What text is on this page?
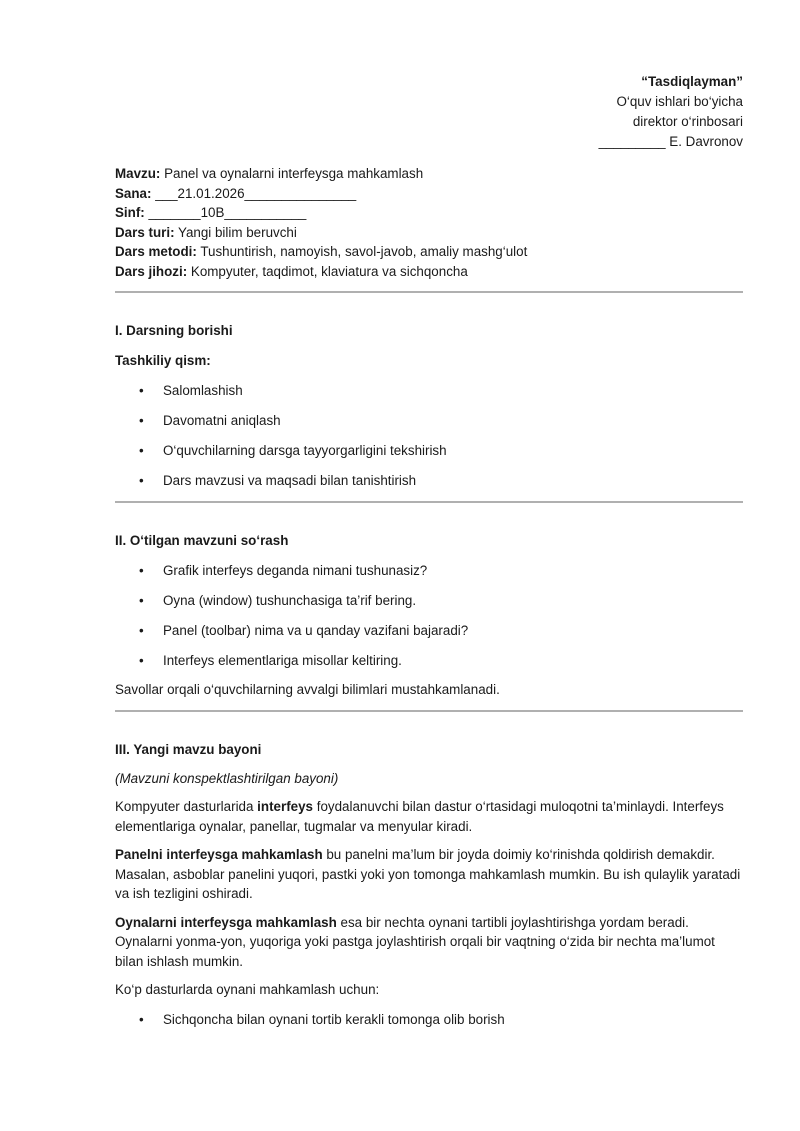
“Tasdiqlayman”
O‘quv ishlari bo‘yicha
direktor o‘rinbosari
_________ E. Davronov
Mavzu: Panel va oynalarni interfeysga mahkamlash
Sana: ___21.01.2026_______________
Sinf: _______10B___________
Dars turi: Yangi bilim beruvchi
Dars metodi: Tushuntirish, namoyish, savol-javob, amaliy mashg‘ulot
Dars jihozi: Kompyuter, taqdimot, klaviatura va sichqoncha
I. Darsning borishi
Tashkiliy qism:
• Salomlashish
• Davomatni aniqlash
• O‘quvchilarning darsga tayyorgarligini tekshirish
• Dars mavzusi va maqsadi bilan tanishtirish
II. O‘tilgan mavzuni so‘rash
• Grafik interfeys deganda nimani tushunasiz?
• Oyna (window) tushunchasiga ta’rif bering.
• Panel (toolbar) nima va u qanday vazifani bajaradi?
• Interfeys elementlariga misollar keltiring.

Savollar orqali o‘quvchilarning avvalgi bilimlari mustahkamlanadi.

III. Yangi mavzu bayoni

(Mavzuni konspektlashtirilgan bayoni)

Kompyuter dasturlarida interfeys foydalanuvchi bilan dastur o‘rtasidagi muloqotni ta’minlaydi. Interfeys elementlariga oynalar, panellar, tugmalar va menyular kiradi.

Panelni interfeysga mahkamlash bu panelni ma’lum bir joyda doimiy ko‘rinishda qoldirish demakdir. Masalan, asboblar panelini yuqori, pastki yoki yon tomonga mahkamlash mumkin. Bu ish qulaylik yaratadi va ish tezligini oshiradi.

Oynalarni interfeysga mahkamlash esa bir nechta oynani tartibli joylashtirishga yordam beradi. Oynalarni yonma-yon, yuqoriga yoki pastga joylashtirish orqali bir vaqtning o‘zida bir nechta ma’lumot bilan ishlash mumkin.

Ko‘p dasturlarda oynani mahkamlash uchun:

• Sichqoncha bilan oynani tortib kerakli tomonga olib borish
